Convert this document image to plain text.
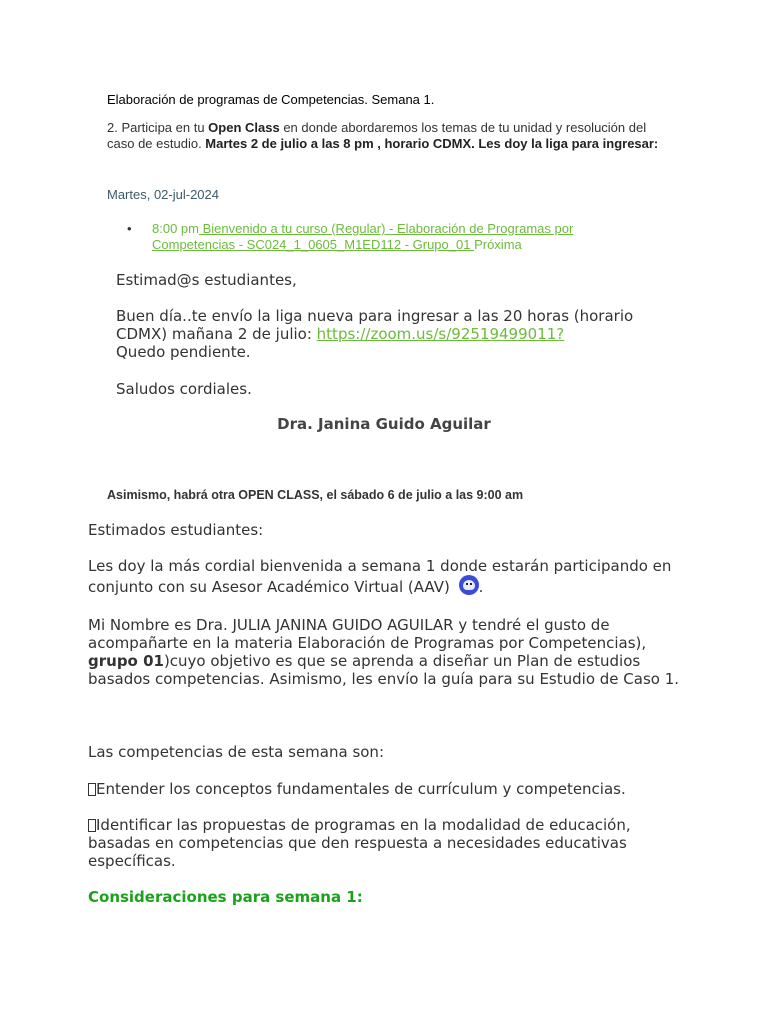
Elaboración de programas de Competencias. Semana 1.
2. Participa en tu Open Class en donde abordaremos los temas de tu unidad y resolución del caso de estudio. Martes 2 de julio a las 8 pm , horario CDMX. Les doy la liga para ingresar:
Martes, 02-jul-2024
• 8:00 pm Bienvenido a tu curso (Regular) - Elaboración de Programas por Competencias - SC024_1_0605_M1ED112 - Grupo_01 Próxima
Estimad@s estudiantes,
Buen día..te envío la liga nueva para ingresar a las 20 horas (horario CDMX) mañana 2 de julio: https://zoom.us/s/92519499011?
Quedo pendiente.
Saludos cordiales.
Dra. Janina Guido Aguilar
Asimismo, habrá otra OPEN CLASS, el sábado 6 de julio a las 9:00 am
Estimados estudiantes:
Les doy la más cordial bienvenida a semana 1 donde estarán participando en conjunto con su Asesor Académico Virtual (AAV) .
Mi Nombre es Dra. JULIA JANINA GUIDO AGUILAR y tendré el gusto de acompañarte en la materia Elaboración de Programas por Competencias), grupo 01)cuyo objetivo es que se aprenda a diseñar un Plan de estudios basados competencias. Asimismo, les envío la guía para su Estudio de Caso 1.
Las competencias de esta semana son:
Entender los conceptos fundamentales de currículum y competencias.
Identificar las propuestas de programas en la modalidad de educación, basadas en competencias que den respuesta a necesidades educativas específicas.
Consideraciones para semana 1:
